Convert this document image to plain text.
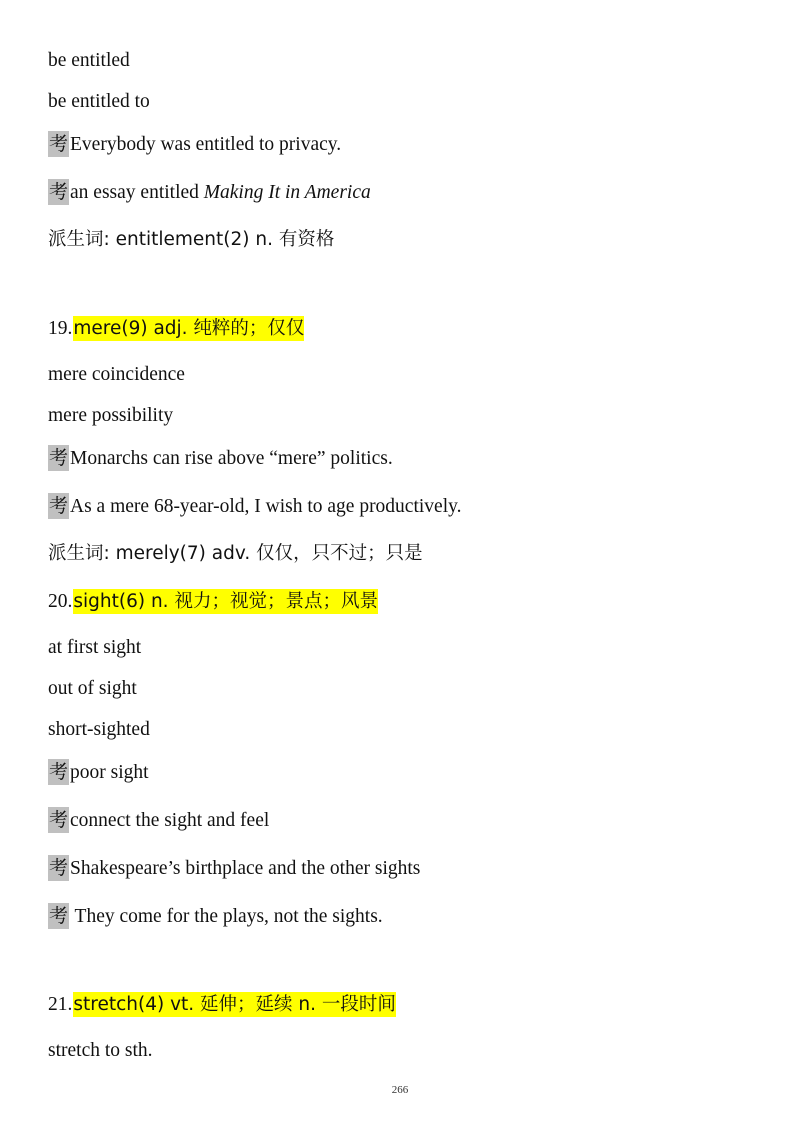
be entitled
be entitled to
考 Everybody was entitled to privacy.
考 an essay entitled Making It in America
派生词: entitlement(2) n. 有资格
19.mere(9) adj. 纯粹的；仅仅
mere coincidence
mere possibility
考 Monarchs can rise above “mere” politics.
考 As a mere 68-year-old, I wish to age productively.
派生词: merely(7) adv. 仅仅，只不过；只是
20.sight(6) n. 视力；视觉；景点；风景
at first sight
out of sight
short-sighted
考 poor sight
考 connect the sight and feel
考 Shakespeare’s birthplace and the other sights
考 They come for the plays, not the sights.
21.stretch(4) vt. 延伸；延续 n. 一段时间
stretch to sth.
266
